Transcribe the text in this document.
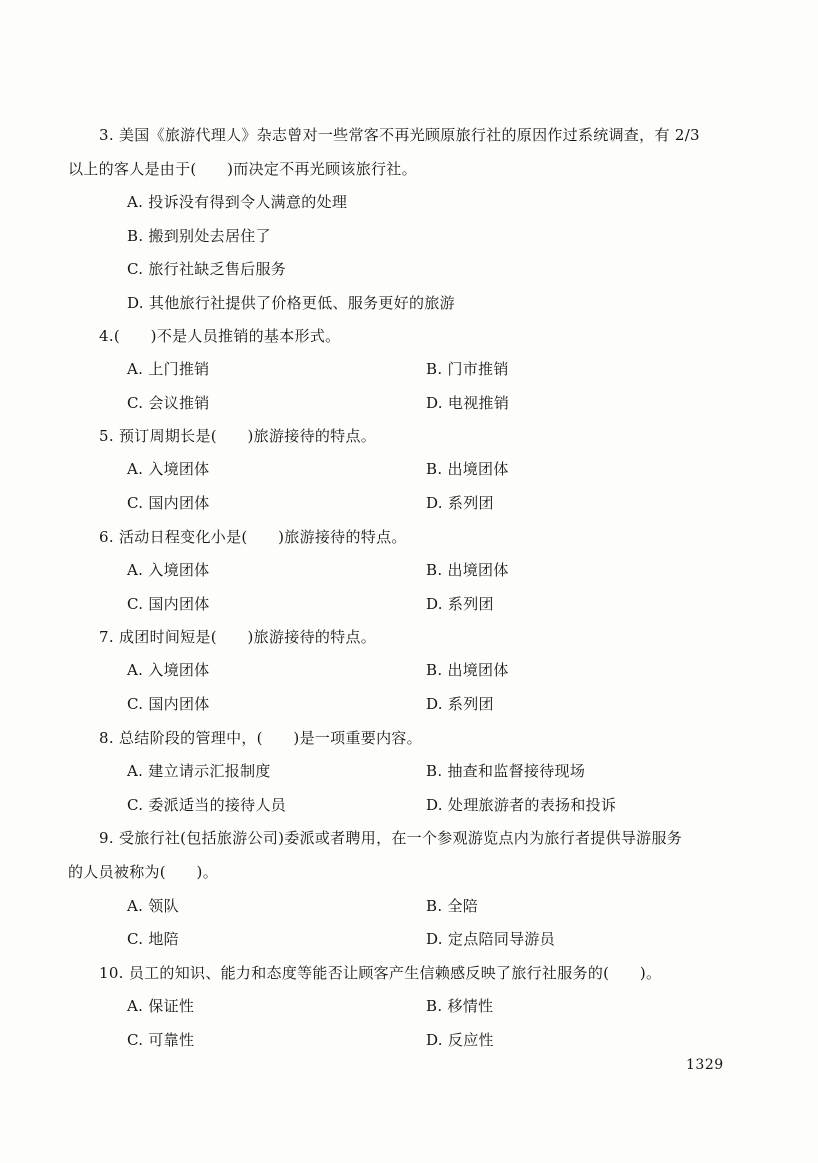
3. 美国《旅游代理人》杂志曾对一些常客不再光顾原旅行社的原因作过系统调查，有 2/3
以上的客人是由于(　　)而决定不再光顾该旅行社。
A. 投诉没有得到令人满意的处理
B. 搬到别处去居住了
C. 旅行社缺乏售后服务
D. 其他旅行社提供了价格更低、服务更好的旅游
4.(　　)不是人员推销的基本形式。
A. 上门推销	B. 门市推销
C. 会议推销	D. 电视推销
5. 预订周期长是(　　)旅游接待的特点。
A. 入境团体	B. 出境团体
C. 国内团体	D. 系列团
6. 活动日程变化小是(　　)旅游接待的特点。
A. 入境团体	B. 出境团体
C. 国内团体	D. 系列团
7. 成团时间短是(　　)旅游接待的特点。
A. 入境团体	B. 出境团体
C. 国内团体	D. 系列团
8. 总结阶段的管理中，(　　)是一项重要内容。
A. 建立请示汇报制度	B. 抽查和监督接待现场
C. 委派适当的接待人员	D. 处理旅游者的表扬和投诉
9. 受旅行社(包括旅游公司)委派或者聘用，在一个参观游览点内为旅行者提供导游服务
的人员被称为(　　)。
A. 领队	B. 全陪
C. 地陪	D. 定点陪同导游员
10. 员工的知识、能力和态度等能否让顾客产生信赖感反映了旅行社服务的(　　)。
A. 保证性	B. 移情性
C. 可靠性	D. 反应性
1329
